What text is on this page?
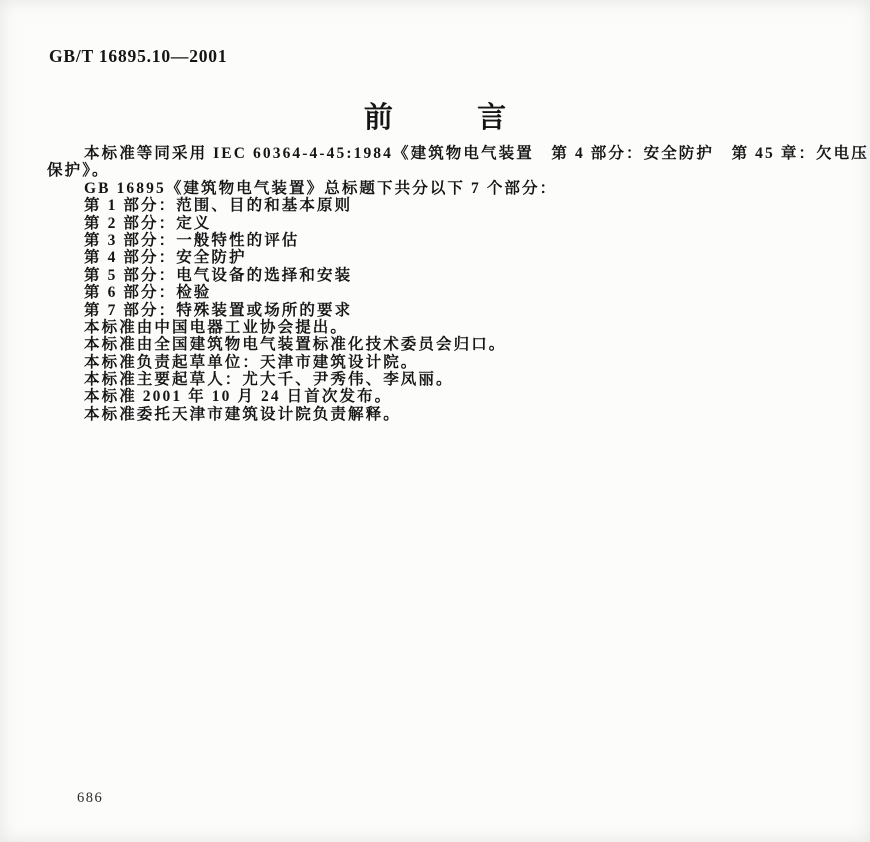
GB/T 16895.10—2001
前	言
本标准等同采用 IEC 60364-4-45:1984《建筑物电气装置　第 4 部分：安全防护　第 45 章：欠电压
保护》。
GB 16895《建筑物电气装置》总标题下共分以下 7 个部分：
第 1 部分：范围、目的和基本原则
第 2 部分：定义
第 3 部分：一般特性的评估
第 4 部分：安全防护
第 5 部分：电气设备的选择和安装
第 6 部分：检验
第 7 部分：特殊装置或场所的要求
本标准由中国电器工业协会提出。
本标准由全国建筑物电气装置标准化技术委员会归口。
本标准负责起草单位：天津市建筑设计院。
本标准主要起草人：尤大千、尹秀伟、李凤丽。
本标准 2001 年 10 月 24 日首次发布。
本标准委托天津市建筑设计院负责解释。
686
